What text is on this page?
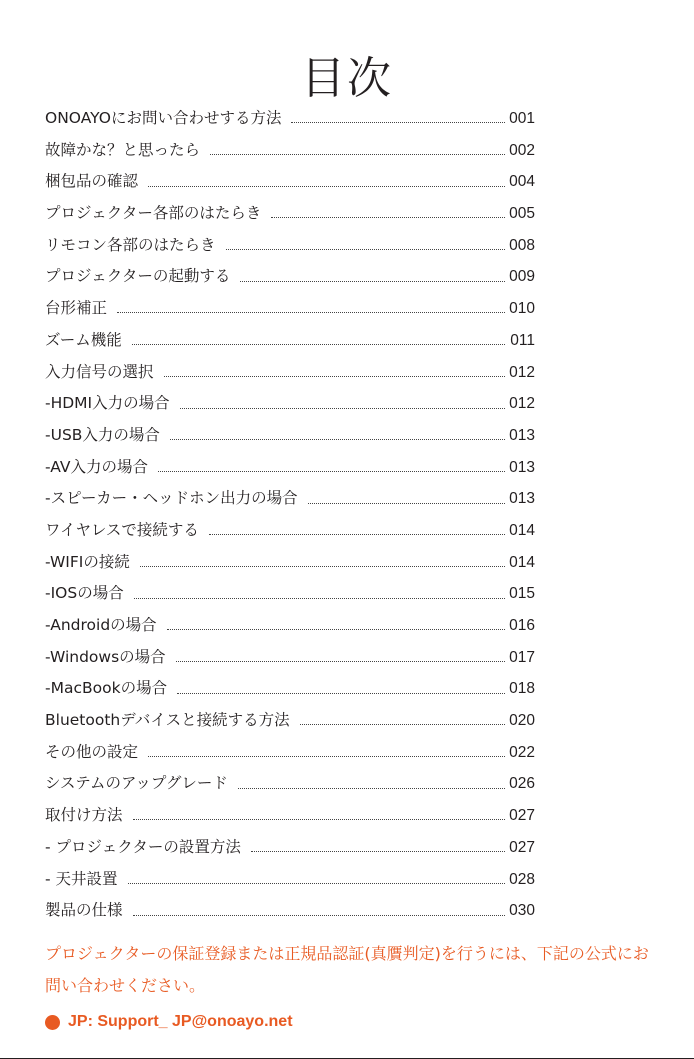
目次
ONOAYOにお問い合わせする方法	001
故障かな？と思ったら	002
梱包品の確認	004
プロジェクター各部のはたらき	005
リモコン各部のはたらき	008
プロジェクターの起動する	009
台形補正	010
ズーム機能	011
入力信号の選択	012
-HDMI入力の場合	012
-USB入力の場合	013
-AV入力の場合	013
-スピーカー・ヘッドホン出力の場合	013
ワイヤレスで接続する	014
-WIFIの接続	014
-IOSの場合	015
-Androidの場合	016
-Windowsの場合	017
-MacBookの場合	018
Bluetoothデバイスと接続する方法	020
その他の設定	022
システムのアップグレード	026
取付け方法	027
- プロジェクターの設置方法	027
- 天井設置	028
製品の仕様	030
プロジェクターの保証登録または正規品認証(真贋判定)を行うには、下記の公式にお問い合わせください。
JP: Support_ JP@onoayo.net
